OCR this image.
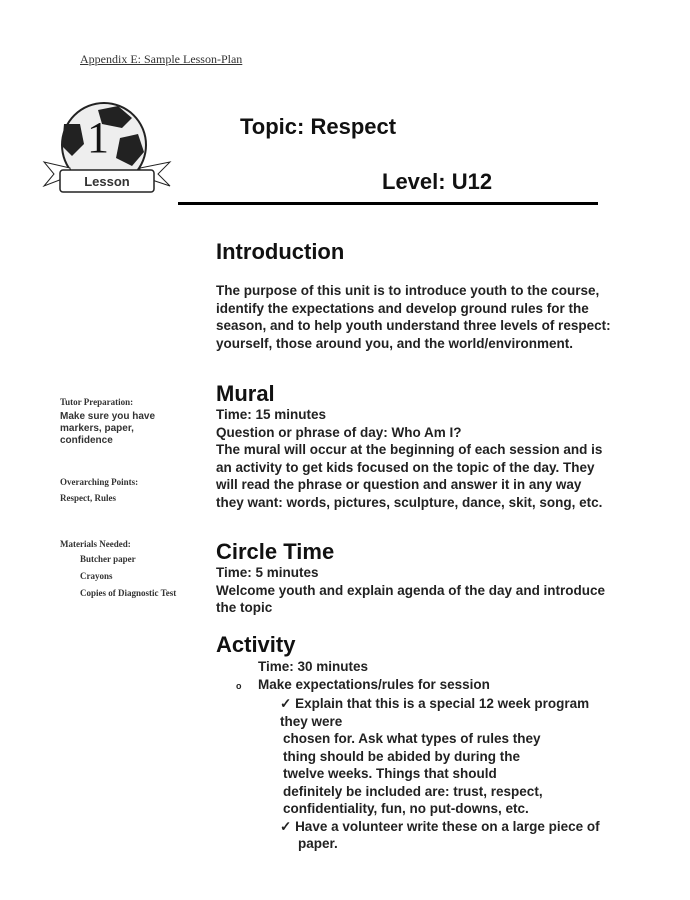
Appendix E: Sample Lesson-Plan
1
Lesson
Topic: Respect
Level: U12
Tutor Preparation:
Make sure you have markers, paper, confidence
Overarching Points:
Respect, Rules
Materials Needed:
Butcher paper
Crayons
Copies of Diagnostic Test
Introduction
The purpose of this unit is to introduce youth to the course, identify the expectations and develop ground rules for the season, and to help youth understand three levels of respect: yourself, those around you, and the world/environment.
Mural
Time: 15 minutes
Question or phrase of day: Who Am I?
The mural will occur at the beginning of each session and is an activity to get kids focused on the topic of the day. They will read the phrase or question and answer it in any way they want: words, pictures, sculpture, dance, skit, song, etc.
Circle Time
Time: 5 minutes
Welcome youth and explain agenda of the day and introduce the topic
Activity
Time: 30 minutes
o Make expectations/rules for session
✓ Explain that this is a special 12 week program they were
chosen for. Ask what types of rules they thing should be abided by during the twelve weeks. Things that should definitely be included are: trust, respect, confidentiality, fun, no put-downs, etc.
✓ Have a volunteer write these on a large piece of paper.
